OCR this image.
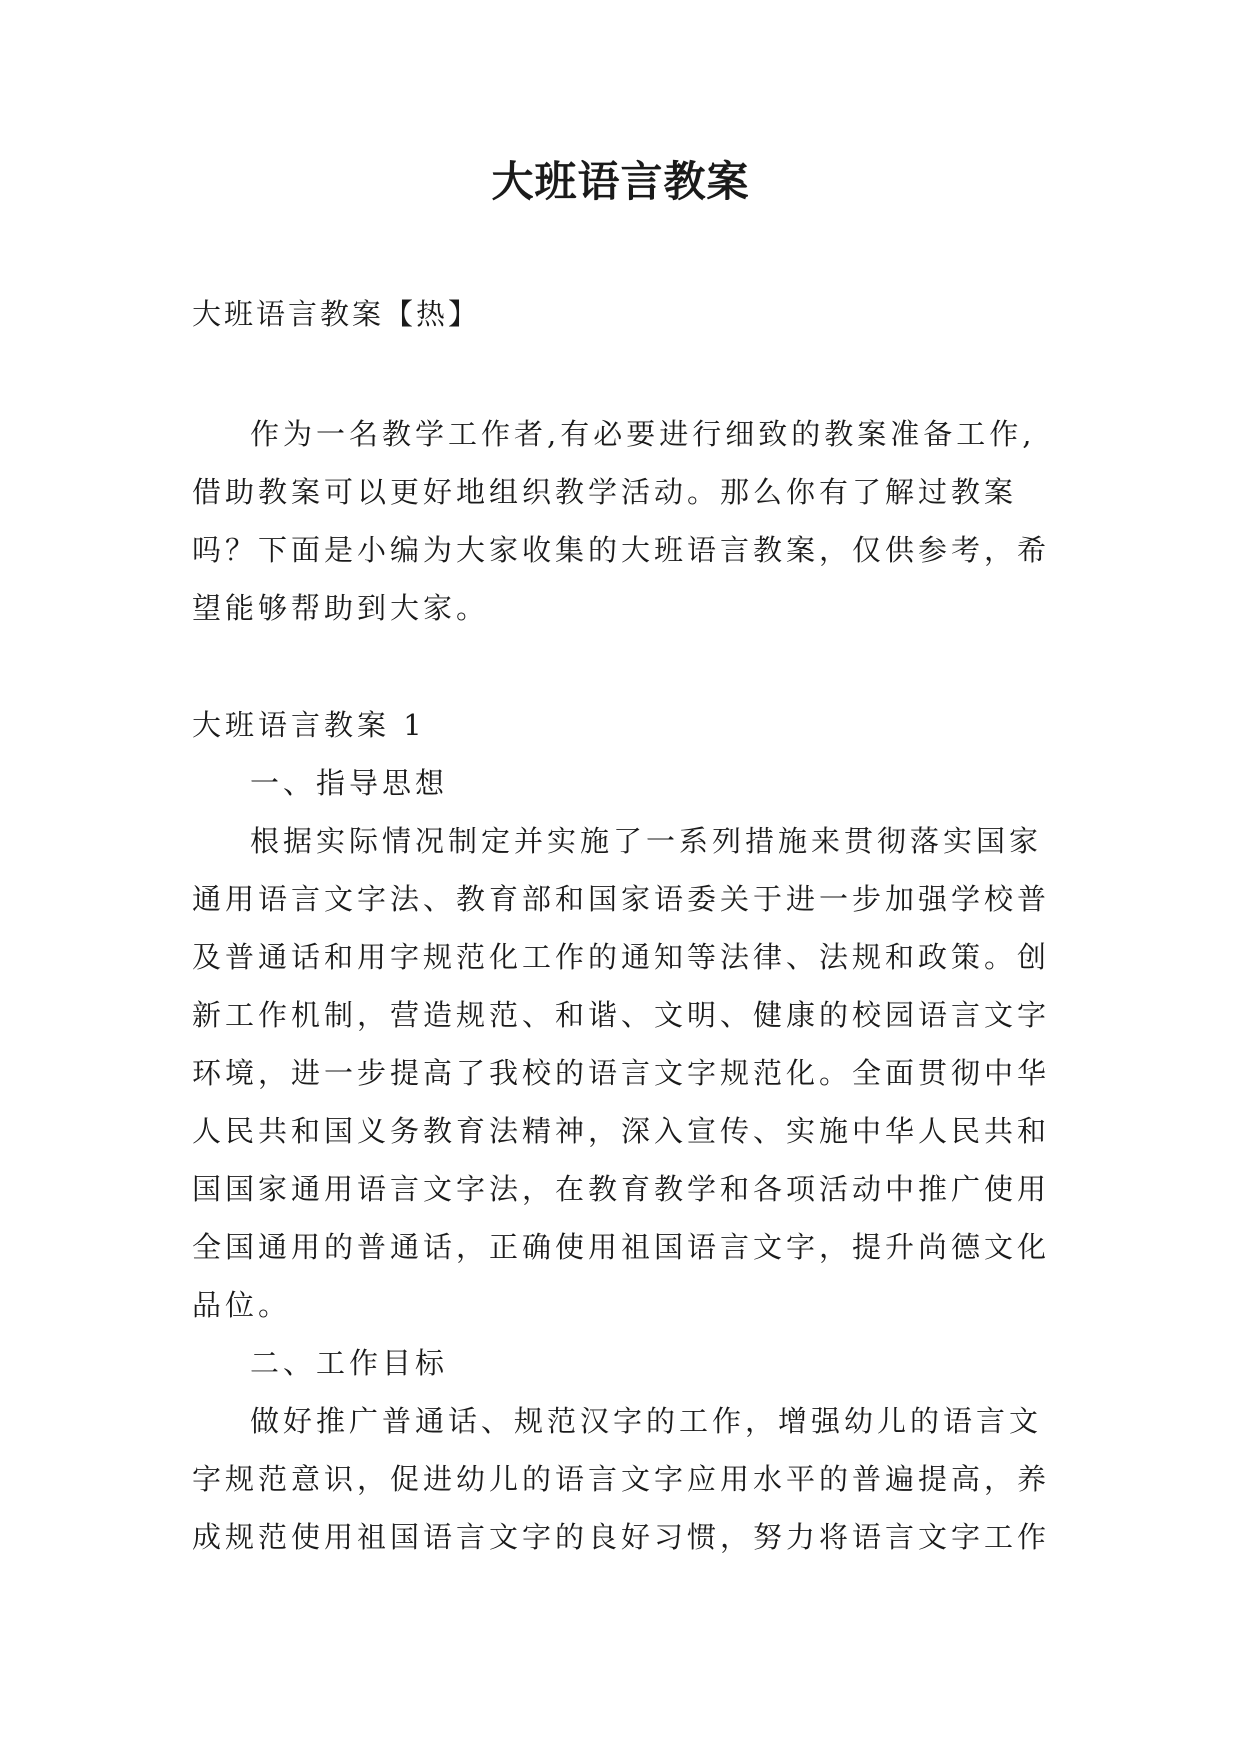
大班语言教案

大班语言教案【热】

作为一名教学工作者,有必要进行细致的教案准备工作,借助教案可以更好地组织教学活动。那么你有了解过教案吗？下面是小编为大家收集的大班语言教案，仅供参考，希望能够帮助到大家。

大班语言教案 1

一、指导思想

根据实际情况制定并实施了一系列措施来贯彻落实国家通用语言文字法、教育部和国家语委关于进一步加强学校普及普通话和用字规范化工作的通知等法律、法规和政策。创新工作机制，营造规范、和谐、文明、健康的校园语言文字环境，进一步提高了我校的语言文字规范化。全面贯彻中华人民共和国义务教育法精神，深入宣传、实施中华人民共和国国家通用语言文字法，在教育教学和各项活动中推广使用全国通用的普通话，正确使用祖国语言文字，提升尚德文化品位。

二、工作目标

做好推广普通话、规范汉字的工作，增强幼儿的语言文字规范意识，促进幼儿的语言文字应用水平的普遍提高，养成规范使用祖国语言文字的良好习惯，努力将语言文字工作
